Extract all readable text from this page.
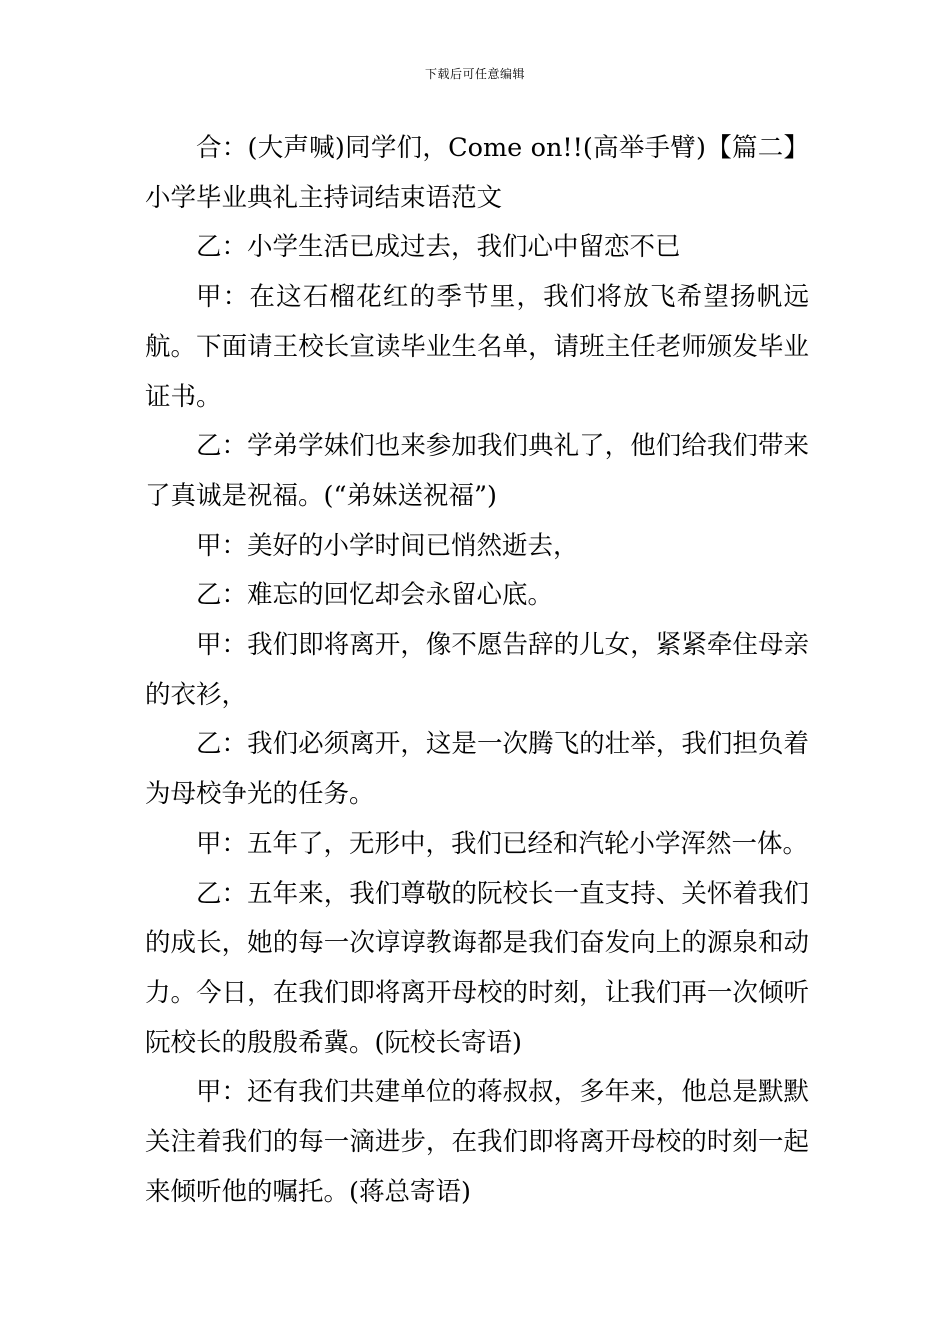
下载后可任意编辑

合：(大声喊)同学们，Come on!!(高举手臂)【篇二】小学毕业典礼主持词结束语范文

乙：小学生活已成过去，我们心中留恋不已

甲：在这石榴花红的季节里，我们将放飞希望扬帆远航。下面请王校长宣读毕业生名单，请班主任老师颁发毕业证书。

乙：学弟学妹们也来参加我们典礼了，他们给我们带来了真诚是祝福。(“弟妹送祝福”)

甲：美好的小学时间已悄然逝去，

乙：难忘的回忆却会永留心底。

甲：我们即将离开，像不愿告辞的儿女，紧紧牵住母亲的衣衫，

乙：我们必须离开，这是一次腾飞的壮举，我们担负着为母校争光的任务。

甲：五年了，无形中，我们已经和汽轮小学浑然一体。

乙：五年来，我们尊敬的阮校长一直支持、关怀着我们的成长，她的每一次谆谆教诲都是我们奋发向上的源泉和动力。今日，在我们即将离开母校的时刻，让我们再一次倾听阮校长的殷殷希冀。(阮校长寄语)

甲：还有我们共建单位的蒋叔叔，多年来，他总是默默关注着我们的每一滴进步，在我们即将离开母校的时刻一起来倾听他的嘱托。(蒋总寄语)
